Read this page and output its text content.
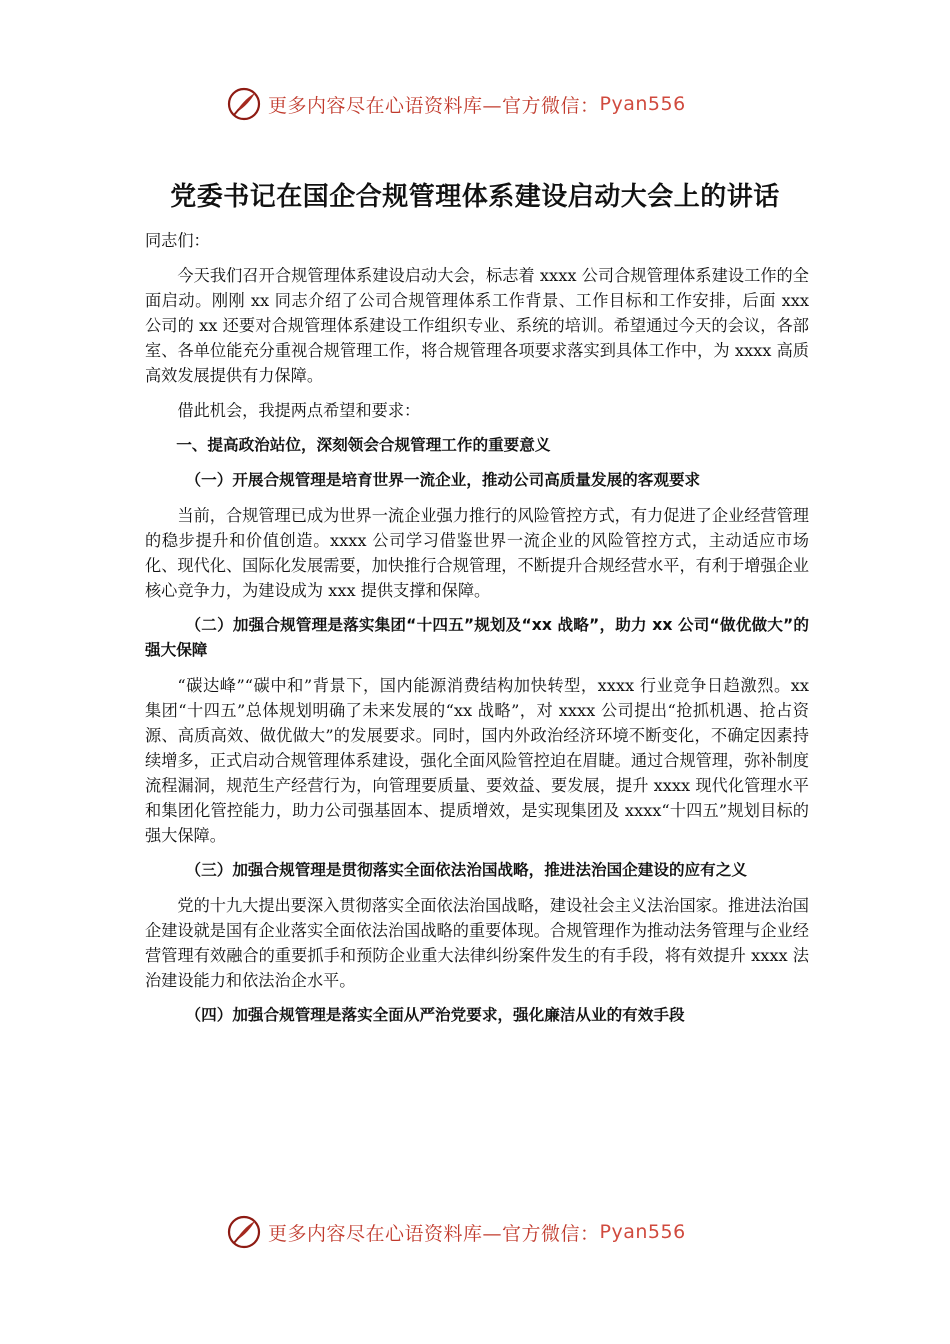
更多内容尽在心语资料库—官方微信： Pyan556
党委书记在国企合规管理体系建设启动大会上的讲话

同志们：

今天我们召开合规管理体系建设启动大会，标志着 xxxx 公司合规管理体系建设工作的全面启动。刚刚 xx 同志介绍了公司合规管理体系工作背景、工作目标和工作安排，后面 xxx 公司的 xx 还要对合规管理体系建设工作组织专业、系统的培训。希望通过今天的会议，各部室、各单位能充分重视合规管理工作，将合规管理各项要求落实到具体工作中，为 xxxx 高质高效发展提供有力保障。

借此机会，我提两点希望和要求：

一、提高政治站位，深刻领会合规管理工作的重要意义

（一）开展合规管理是培育世界一流企业，推动公司高质量发展的客观要求

当前，合规管理已成为世界一流企业强力推行的风险管控方式，有力促进了企业经营管理的稳步提升和价值创造。xxxx 公司学习借鉴世界一流企业的风险管控方式，主动适应市场化、现代化、国际化发展需要，加快推行合规管理，不断提升合规经营水平，有利于增强企业核心竞争力，为建设成为 xxx 提供支撑和保障。

（二）加强合规管理是落实集团“十四五”规划及“xx 战略”，助力 xx 公司“做优做大”的强大保障

“碳达峰”“碳中和”背景下，国内能源消费结构加快转型，xxxx 行业竞争日趋激烈。xx 集团“十四五”总体规划明确了未来发展的“xx 战略”，对 xxxx 公司提出“抢抓机遇、抢占资源、高质高效、做优做大”的发展要求。同时，国内外政治经济环境不断变化，不确定因素持续增多，正式启动合规管理体系建设，强化全面风险管控迫在眉睫。通过合规管理，弥补制度流程漏洞，规范生产经营行为，向管理要质量、要效益、要发展，提升 xxxx 现代化管理水平和集团化管控能力，助力公司强基固本、提质增效，是实现集团及 xxxx“十四五”规划目标的强大保障。

（三）加强合规管理是贯彻落实全面依法治国战略，推进法治国企建设的应有之义

党的十九大提出要深入贯彻落实全面依法治国战略，建设社会主义法治国家。推进法治国企建设就是国有企业落实全面依法治国战略的重要体现。合规管理作为推动法务管理与企业经营管理有效融合的重要抓手和预防企业重大法律纠纷案件发生的有手段，将有效提升 xxxx 法治建设能力和依法治企水平。

（四）加强合规管理是落实全面从严治党要求，强化廉洁从业的有效手段

更多内容尽在心语资料库—官方微信： Pyan556
